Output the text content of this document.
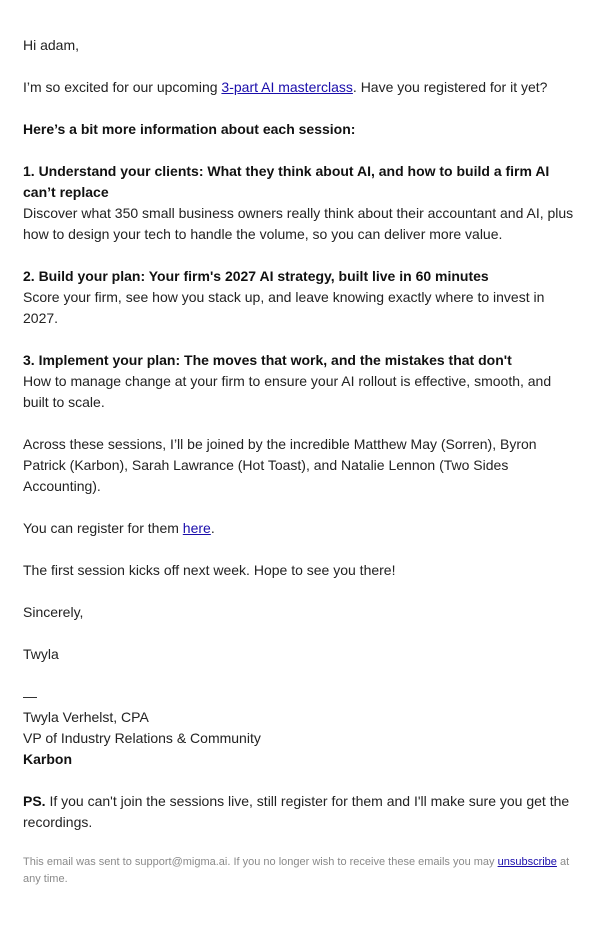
Hi adam,

I’m so excited for our upcoming 3-part AI masterclass. Have you registered for it yet?

Here’s a bit more information about each session:

1. Understand your clients: What they think about AI, and how to build a firm AI can’t replace
Discover what 350 small business owners really think about their accountant and AI, plus how to design your tech to handle the volume, so you can deliver more value.

2. Build your plan: Your firm's 2027 AI strategy, built live in 60 minutes
Score your firm, see how you stack up, and leave knowing exactly where to invest in 2027.

3. Implement your plan: The moves that work, and the mistakes that don't
How to manage change at your firm to ensure your AI rollout is effective, smooth, and built to scale.

Across these sessions, I’ll be joined by the incredible Matthew May (Sorren), Byron Patrick (Karbon), Sarah Lawrance (Hot Toast), and Natalie Lennon (Two Sides Accounting).

You can register for them here.

The first session kicks off next week. Hope to see you there!

Sincerely,

Twyla

—
Twyla Verhelst, CPA
VP of Industry Relations & Community
Karbon

PS. If you can't join the sessions live, still register for them and I'll make sure you get the recordings.

This email was sent to support@migma.ai. If you no longer wish to receive these emails you may unsubscribe at any time.
